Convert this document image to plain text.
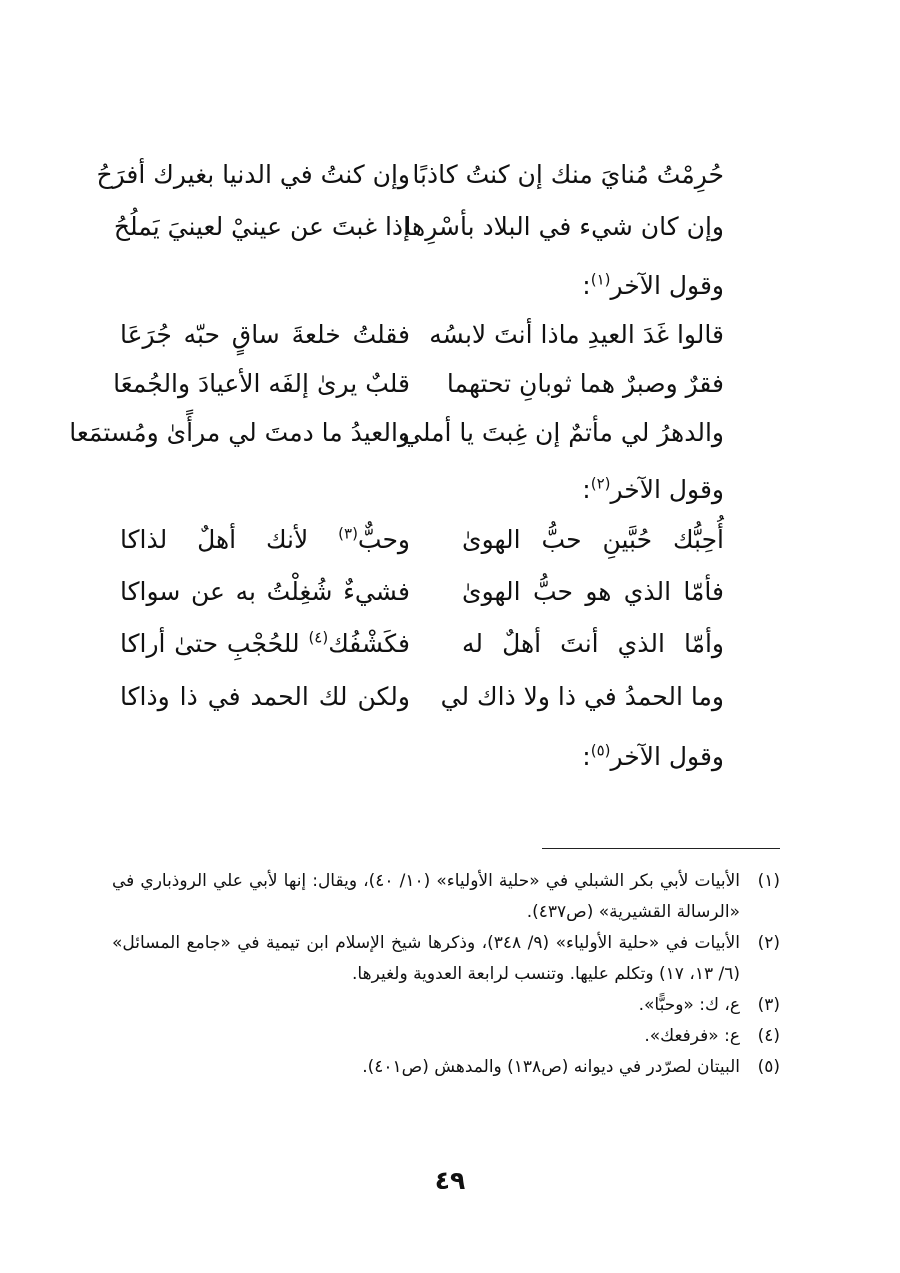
حُرِمْتُ مُنايَ منك إن كنتُ كاذبًا
وإن كنتُ في الدنيا بغيرك أفرَحُ
وإن كان شيء في البلاد بأسْرِها
إذا غبتَ عن عينيْ لعينيَ يَملُحُ
وقول الآخر$^{(١)}$:
قالوا غَدَ العيدِ ماذا أنتَ لابسُه
فقلتُ خلعةَ ساقٍ حبّه جُرَعَا
فقرٌ وصبرٌ هما ثوبانِ تحتهما
قلبٌ يرىٰ إلفَه الأعيادَ والجُمعَا
والدهرُ لي مأتمٌ إن غِبتَ يا أملي
والعيدُ ما دمتَ لي مرأًىٰ ومُستمَعا
وقول الآخر$^{(٢)}$:
أُحِبُّك حُبَّينِ حبُّ الهوىٰ
وحبٌّ$^{(٣)}$ لأنك أهلٌ لذاكا
فأمّا الذي هو حبُّ الهوىٰ
فشيءٌ شُغِلْتُ به عن سواكا
وأمّا الذي أنتَ أهلٌ له
فكَشْفُك$^{(٤)}$ للحُجْبِ حتىٰ أراكا
وما الحمدُ في ذا ولا ذاك لي
ولكن لك الحمد في ذا وذاكا
وقول الآخر$^{(٥)}$:
(١)
الأبيات لأبي بكر الشبلي في «حلية الأولياء» (١٠/ ٤٠)، ويقال: إنها لأبي علي الروذباري في «الرسالة القشيرية» (ص٤٣٧).
(٢)
الأبيات في «حلية الأولياء» (٩/ ٣٤٨)، وذكرها شيخ الإسلام ابن تيمية في «جامع المسائل» (٦/ ١٣، ١٧) وتكلم عليها. وتنسب لرابعة العدوية ولغيرها.
(٣)
ع، ك: «وحبًّا».
(٤)
ع: «فرفعك».
(٥)
البيتان لصرّدر في ديوانه (ص١٣٨) والمدهش (ص٤٠١).
٤٩
